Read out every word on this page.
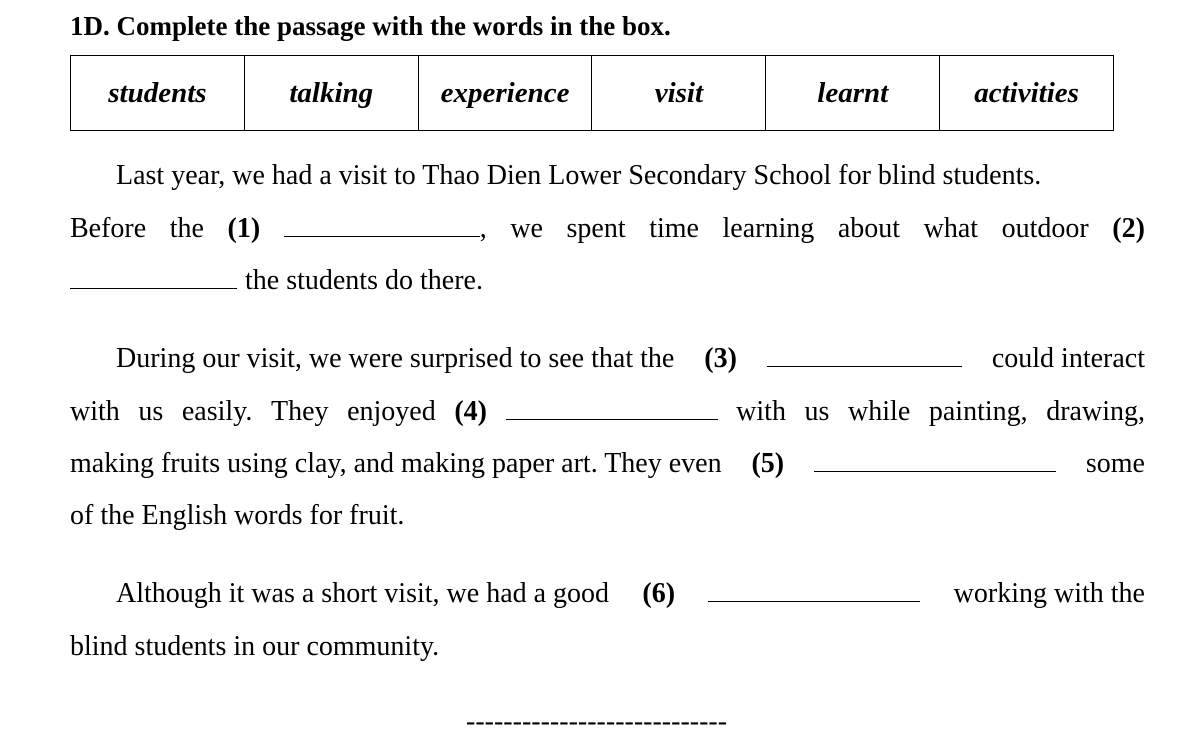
1D. Complete the passage with the words in the box.
students	talking	experience	visit	learnt	activities
Last year, we had a visit to Thao Dien Lower Secondary School for blind students.
Before the (1)	, we spent time learning about what outdoor (2)
the students do there.
During our visit, we were surprised to see that the (3)	could interact
with us easily. They enjoyed (4)	with us while painting, drawing,
making fruits using clay, and making paper art. They even (5)	some
of the English words for fruit.
Although it was a short visit, we had a good (6)	working with the
blind students in our community.
----------------------------
